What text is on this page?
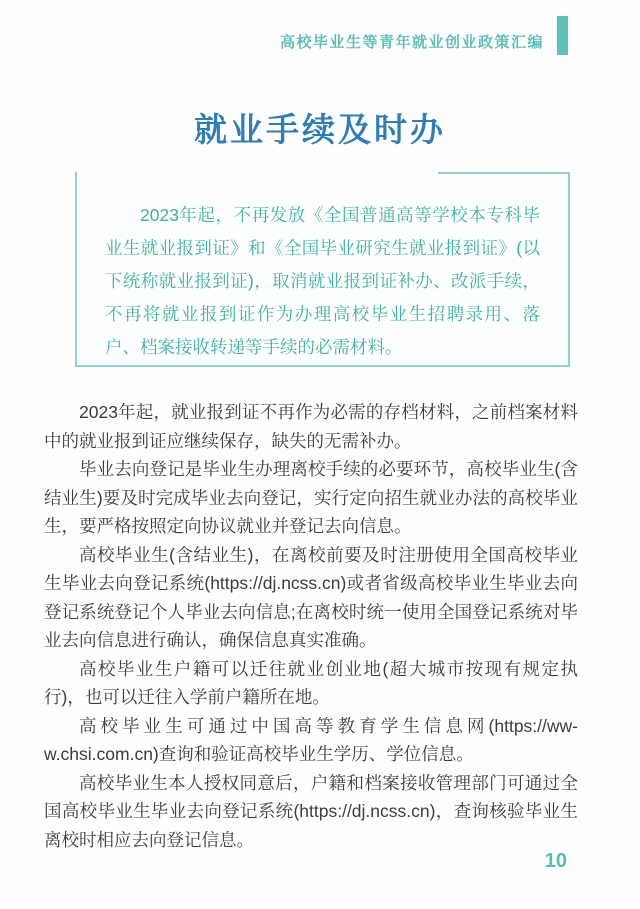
高校毕业生等青年就业创业政策汇编
就业手续及时办

2023年起，不再发放《全国普通高等学校本专科毕业生就业报到证》和《全国毕业研究生就业报到证》(以下统称就业报到证)，取消就业报到证补办、改派手续，不再将就业报到证作为办理高校毕业生招聘录用、落户、档案接收转递等手续的必需材料。

2023年起，就业报到证不再作为必需的存档材料，之前档案材料中的就业报到证应继续保存，缺失的无需补办。

毕业去向登记是毕业生办理离校手续的必要环节，高校毕业生(含结业生)要及时完成毕业去向登记，实行定向招生就业办法的高校毕业生，要严格按照定向协议就业并登记去向信息。

高校毕业生(含结业生)，在离校前要及时注册使用全国高校毕业生毕业去向登记系统(https://dj.ncss.cn)或者省级高校毕业生毕业去向登记系统登记个人毕业去向信息;在离校时统一使用全国登记系统对毕业去向信息进行确认，确保信息真实准确。

高校毕业生户籍可以迁往就业创业地(超大城市按现有规定执行)，也可以迁往入学前户籍所在地。

高校毕业生可通过中国高等教育学生信息网(https://ww-w.chsi.com.cn)查询和验证高校毕业生学历、学位信息。

高校毕业生本人授权同意后，户籍和档案接收管理部门可通过全国高校毕业生毕业去向登记系统(https://dj.ncss.cn)，查询核验毕业生离校时相应去向登记信息。

10
